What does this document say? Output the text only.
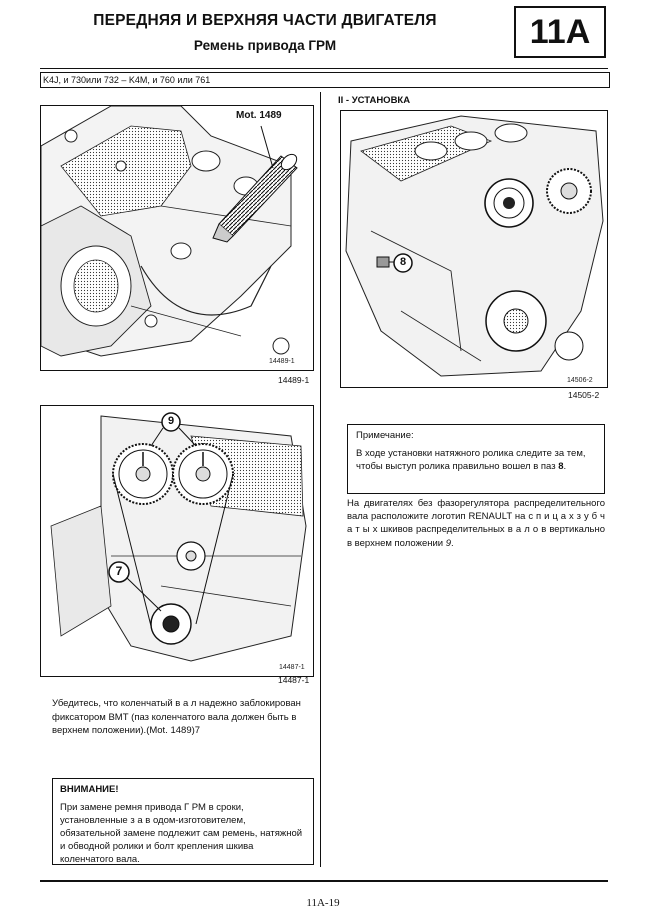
ПЕРЕДНЯЯ И ВЕРХНЯЯ ЧАСТИ ДВИГАТЕЛЯ
Ремень привода ГРМ	11A
K4J, и 730или 732 – K4M, и 760 или 761
Mot. 1489
14489-1
14489-1
9
7
14487-1
14487-1
Убедитесь, что коленчатый в а л надежно заблокирован фиксатором ВМТ (паз коленчатого вала должен быть в верхнем положении).(Mot. 1489)7
ВНИМАНИЕ!
При замене ремня привода Г РМ в сроки, установленные з а в одом-изготовителем, обязательной замене подлежит сам ремень, натяжной и обводной ролики и болт крепления шкива коленчатого вала.
II - УСТАНОВКА
8
14506-2
14505-2
Примечание:
В ходе установки натяжного ролика следите за тем, чтобы выступ ролика правильно вошел в паз 8.
На двигателях без фазорегулятора распределительного вала расположите логотип RENAULT на с п и ц а х з у б ч а т ы х шкивов распределительных в а л о в вертикально в верхнем положении 9.
11A-19
